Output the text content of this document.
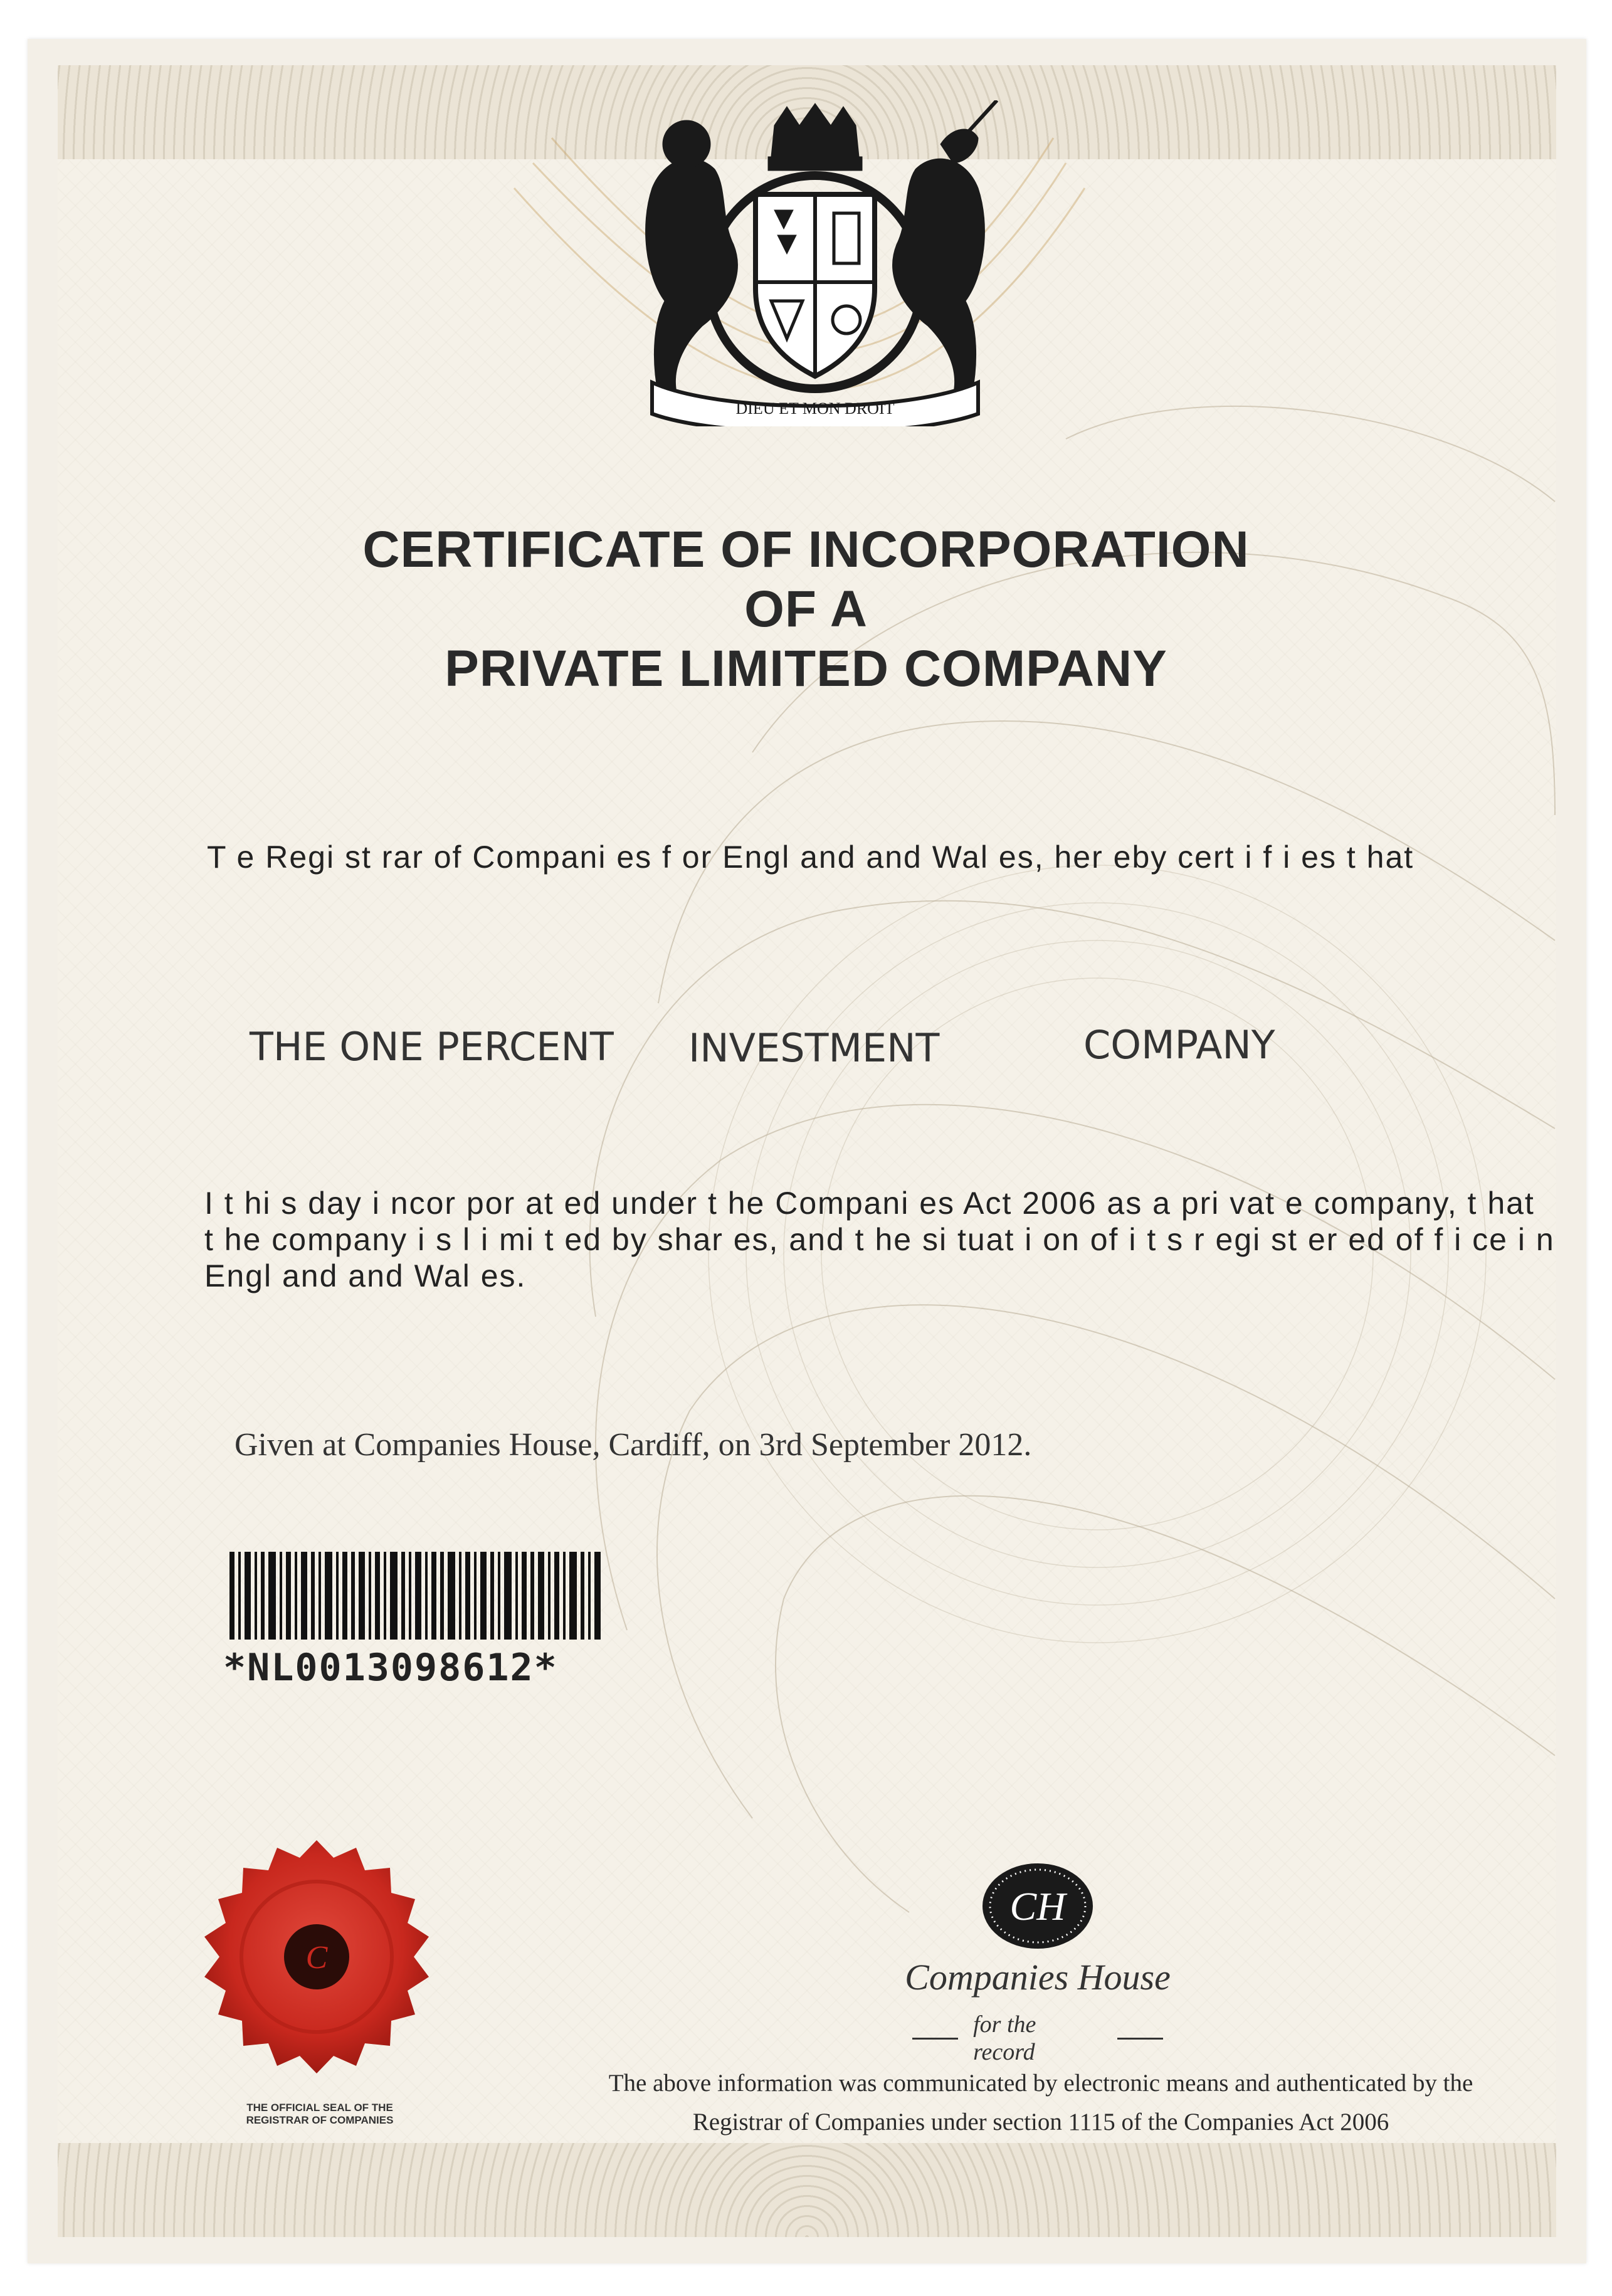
DIEU ET MON DROIT
CERTIFICATE OF INCORPORATION
OF A
PRIVATE LIMITED COMPANY
T e Regi st rar of Compani es f or Engl and and Wal es, her eby cert i f i es t hat
THE ONE PERCENT INVESTMENT	COMPANY
I t hi s day i ncor por at ed under t he Compani es Act 2006 as a pri vat e company, t hat
t he company i s l i mi t ed by shar es, and t he si tuat i on of i t s r egi st er ed of f i ce i n
Engl and and Wal es.
Given at Companies House, Cardiff, on 3rd September 2012.
*NL0013098612*
C
THE OFFICIAL SEAL OF THE
REGISTRAR OF COMPANIES
CH
Companies House
for the record
The above information was communicated by electronic means and authenticated by the
Registrar of Companies under section 1115 of the Companies Act 2006
